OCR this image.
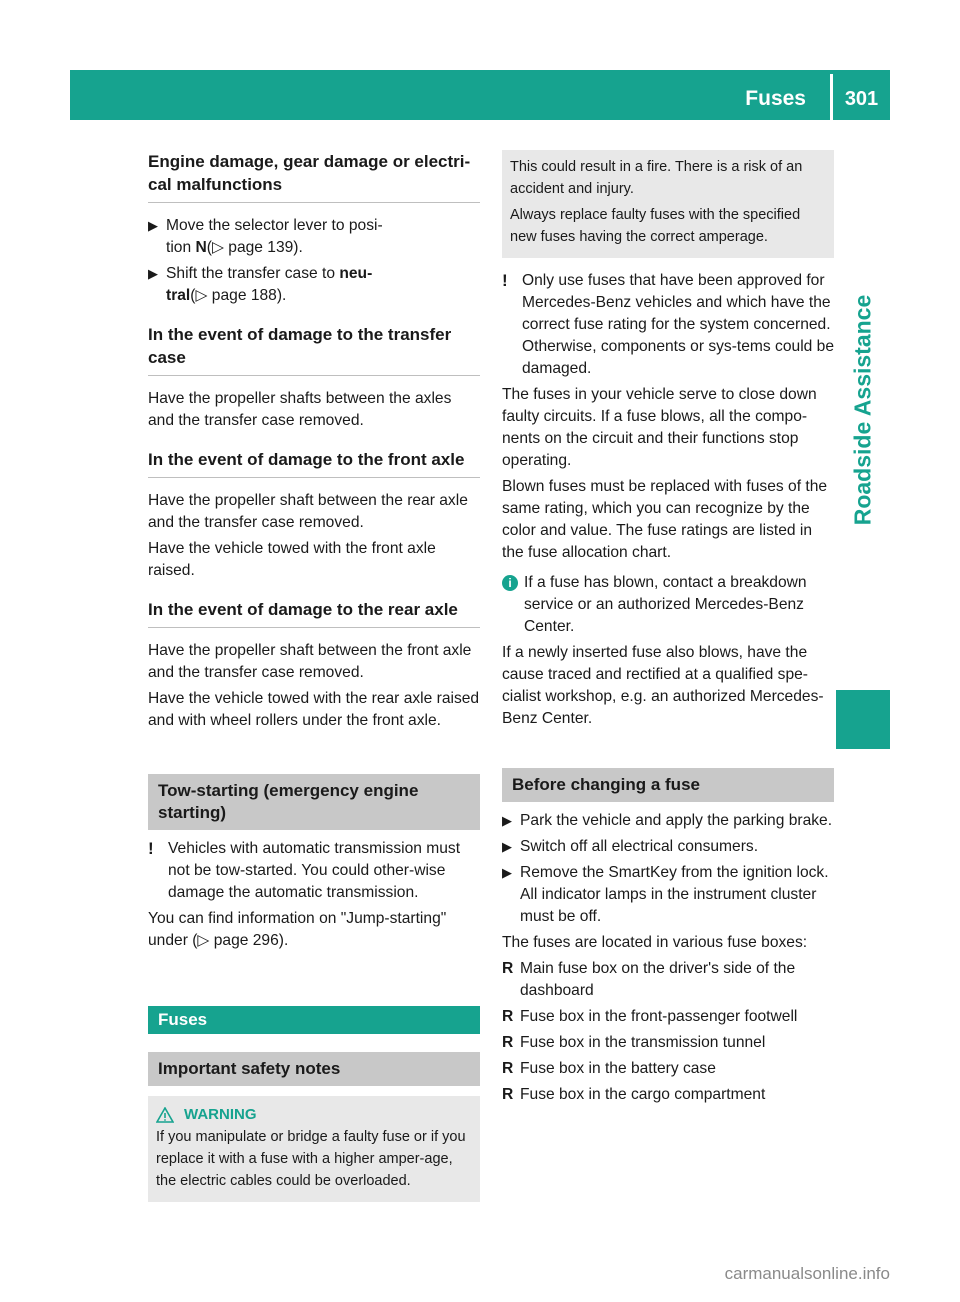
Fuses	301
Roadside Assistance
Engine damage, gear damage or electri-
cal malfunctions
▶ Move the selector lever to posi-
tion N(▷ page 139).
▶ Shift the transfer case to neu-
tral(▷ page 188).
In the event of damage to the transfer
case

Have the propeller shafts between the axles and the transfer case removed.

In the event of damage to the front axle

Have the propeller shaft between the rear axle and the transfer case removed.

Have the vehicle towed with the front axle raised.

In the event of damage to the rear axle

Have the propeller shaft between the front axle and the transfer case removed.

Have the vehicle towed with the rear axle raised and with wheel rollers under the front axle.

Tow-starting (emergency engine
starting)
! Vehicles with automatic transmission must not be tow-started. You could other-wise damage the automatic transmission.

You can find information on "Jump-starting" under (▷ page 296).

Fuses
Important safety notes
WARNING
If you manipulate or bridge a faulty fuse or if you replace it with a fuse with a higher amper-age, the electric cables could be overloaded.
This could result in a fire. There is a risk of an accident and injury.
Always replace faulty fuses with the specified new fuses having the correct amperage.
! Only use fuses that have been approved for Mercedes-Benz vehicles and which have the correct fuse rating for the system concerned. Otherwise, components or sys-tems could be damaged.

The fuses in your vehicle serve to close down faulty circuits. If a fuse blows, all the compo-nents on the circuit and their functions stop operating.

Blown fuses must be replaced with fuses of the same rating, which you can recognize by the color and value. The fuse ratings are listed in the fuse allocation chart.

i If a fuse has blown, contact a breakdown service or an authorized Mercedes-Benz Center.

If a newly inserted fuse also blows, have the cause traced and rectified at a qualified spe-cialist workshop, e.g. an authorized Mercedes-Benz Center.

Before changing a fuse
▶ Park the vehicle and apply the parking brake.
▶ Switch off all electrical consumers.
▶ Remove the SmartKey from the ignition lock.
All indicator lamps in the instrument cluster must be off.

The fuses are located in various fuse boxes:

R Main fuse box on the driver's side of the dashboard
R Fuse box in the front-passenger footwell
R Fuse box in the transmission tunnel
R Fuse box in the battery case
R Fuse box in the cargo compartment
carmanualsonline.info
